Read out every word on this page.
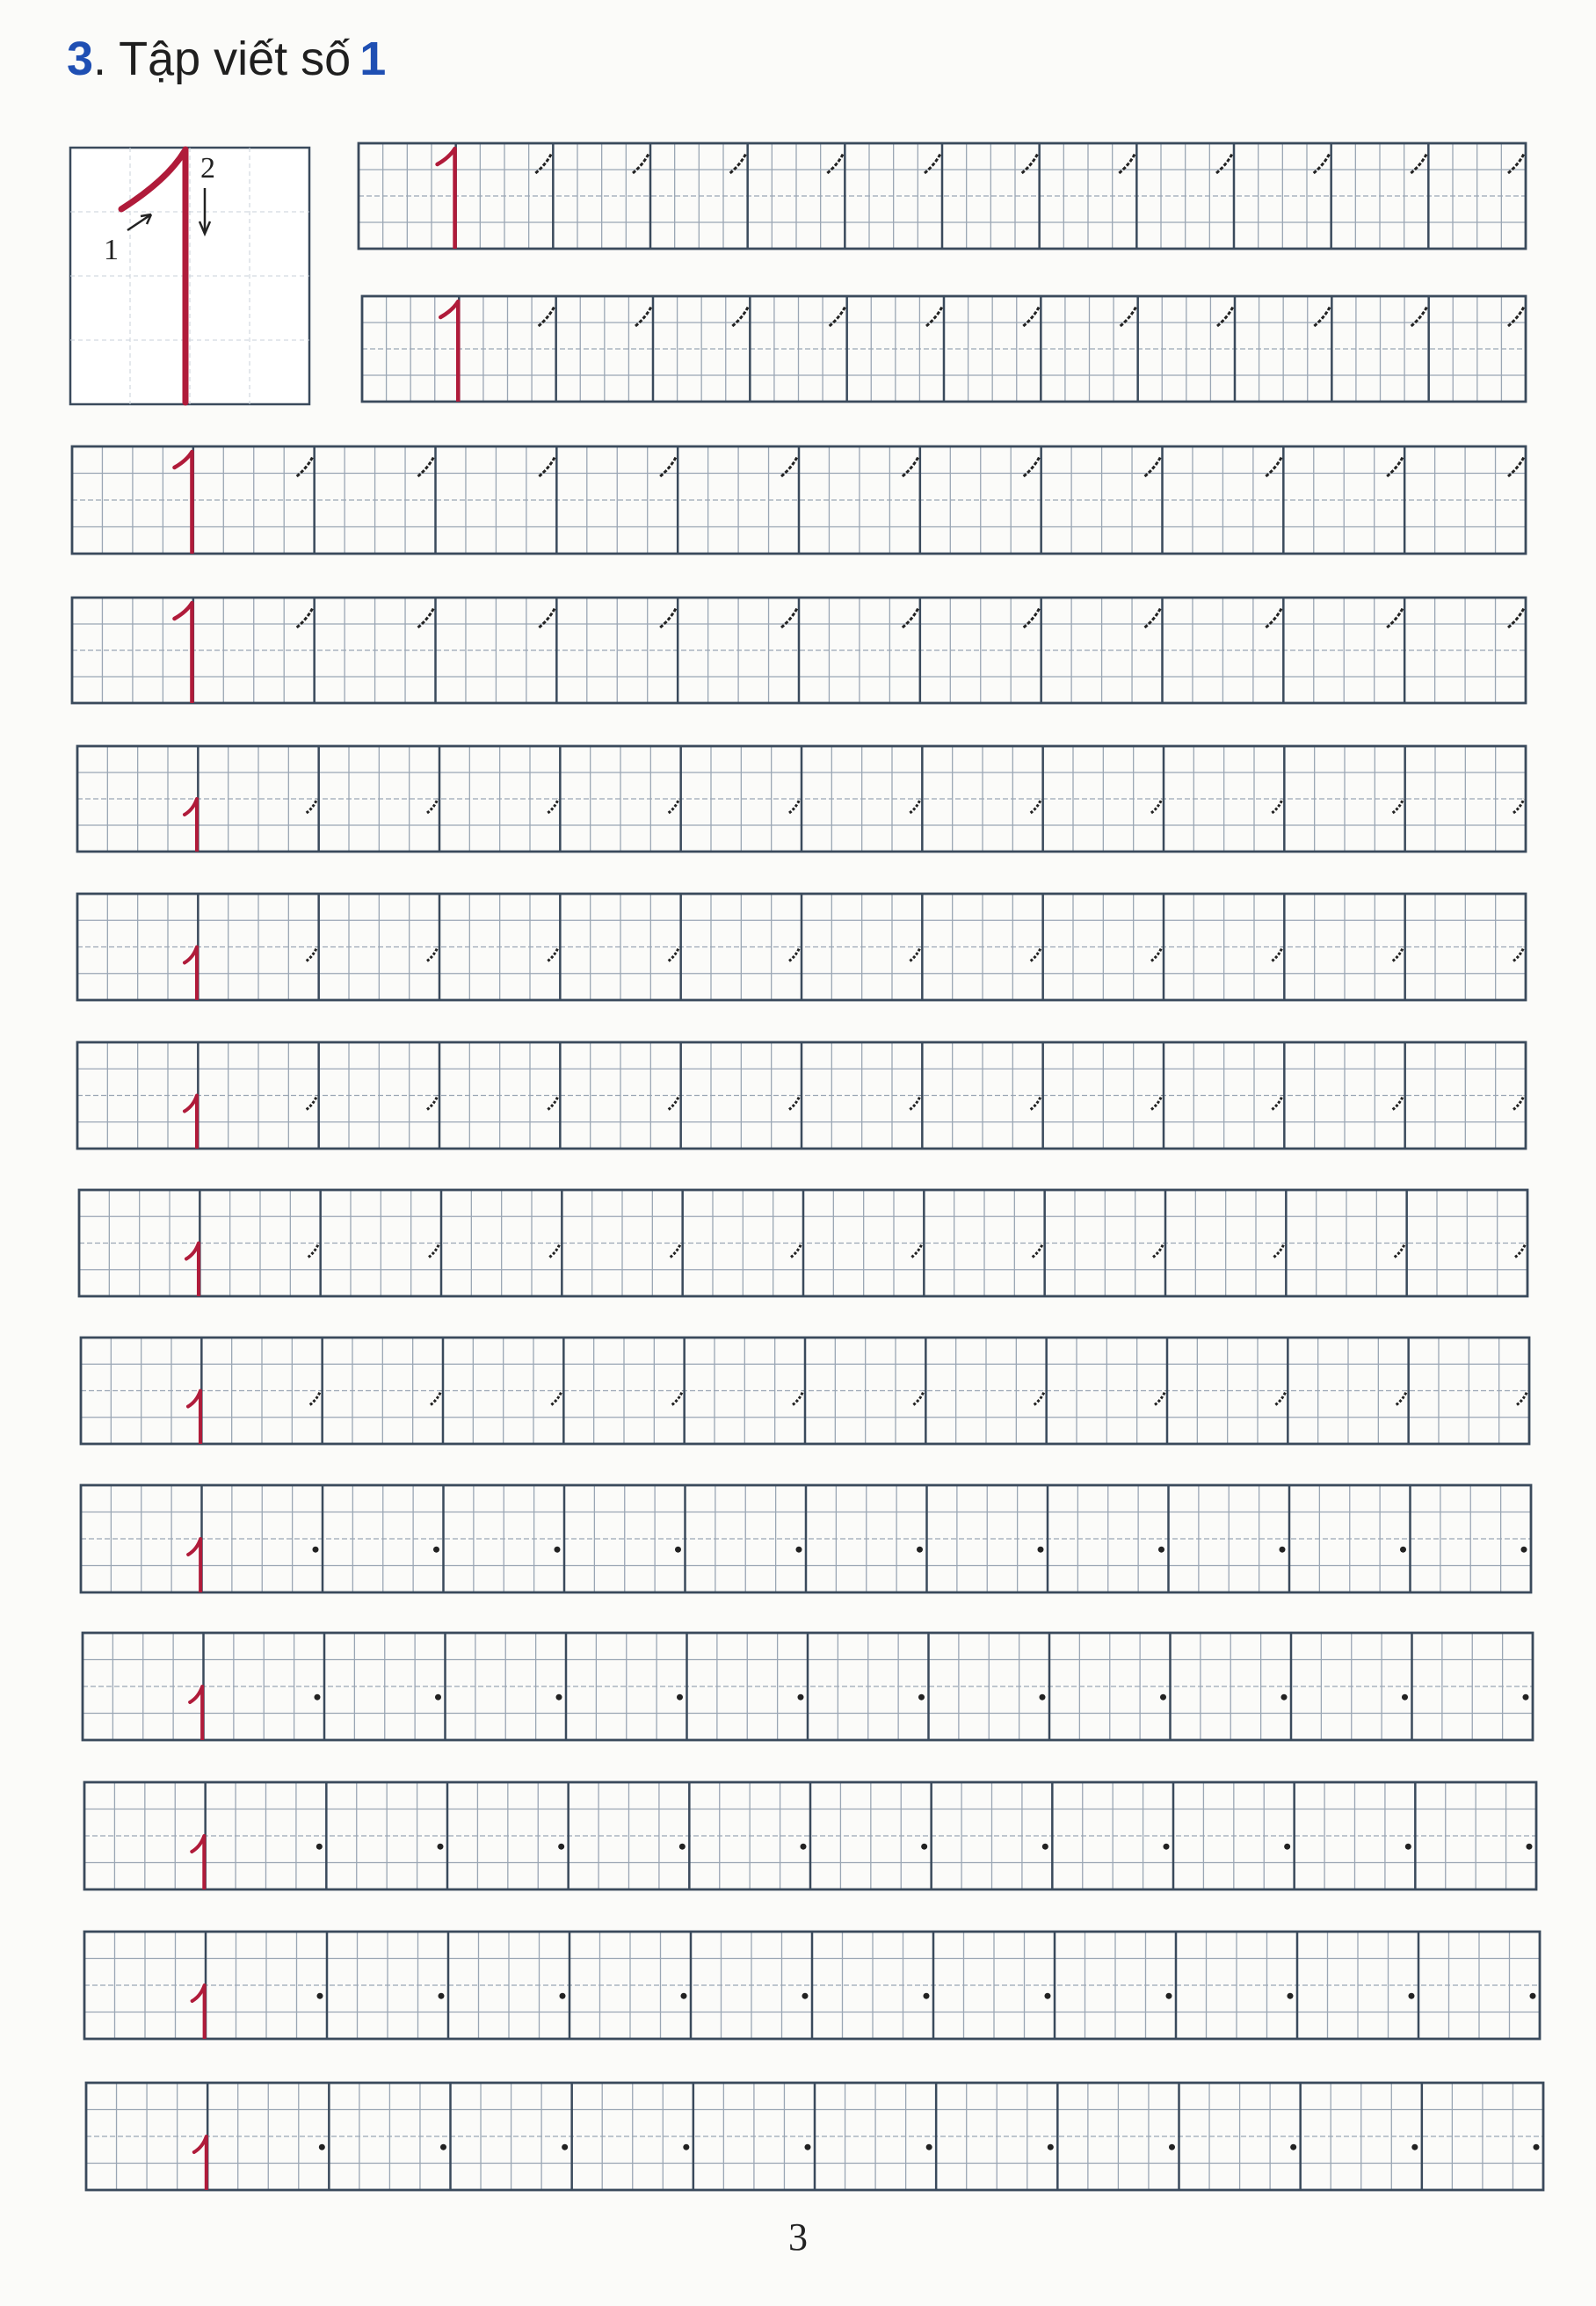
3. Tập viết số 1
1
2
3
